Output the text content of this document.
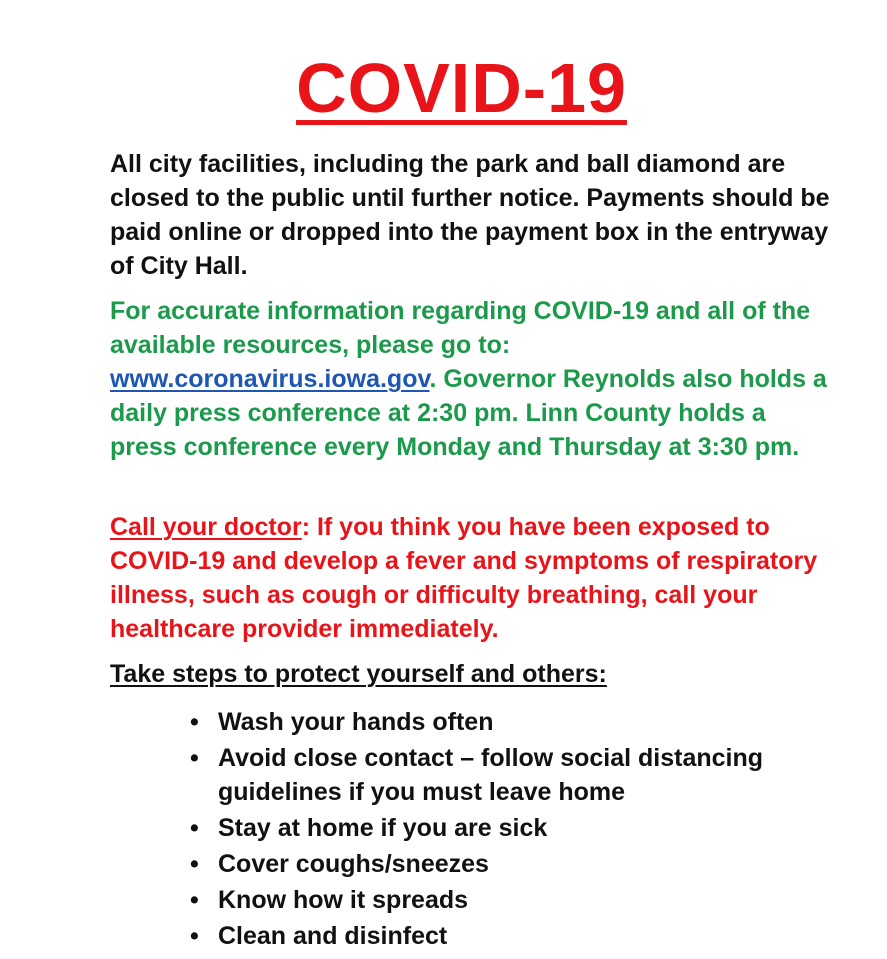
COVID-19

All city facilities, including the park and ball diamond are closed to the public until further notice. Payments should be paid online or dropped into the payment box in the entryway of City Hall.

For accurate information regarding COVID-19 and all of the available resources, please go to: www.coronavirus.iowa.gov. Governor Reynolds also holds a daily press conference at 2:30 pm. Linn County holds a press conference every Monday and Thursday at 3:30 pm.

Call your doctor: If you think you have been exposed to COVID-19 and develop a fever and symptoms of respiratory illness, such as cough or difficulty breathing, call your healthcare provider immediately.

Take steps to protect yourself and others:

• Wash your hands often
• Avoid close contact – follow social distancing guidelines if you must leave home
• Stay at home if you are sick
• Cover coughs/sneezes
• Know how it spreads
• Clean and disinfect
